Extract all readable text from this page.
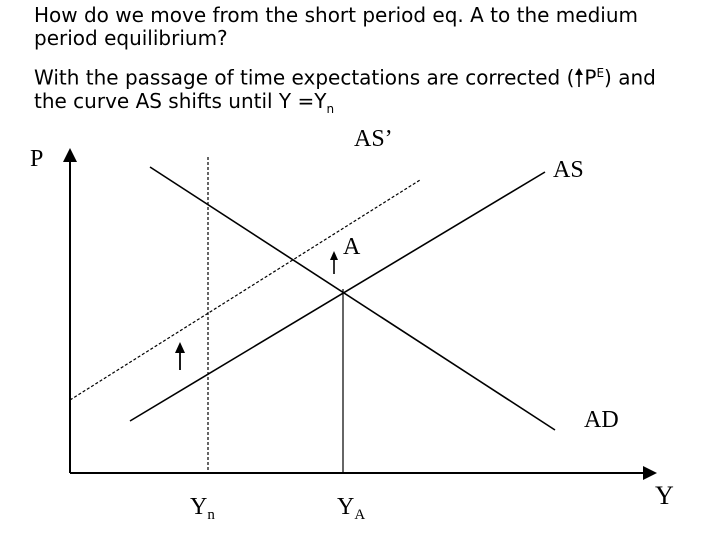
How do we move from the short period eq. A to the medium

period equilibrium?

With the passage of time expectations are corrected ( $P^E$) and

the curve AS shifts until $Y =Y_n$

P
Y
AS’
AS
AD
A
$Y_n$	$Y_A$
